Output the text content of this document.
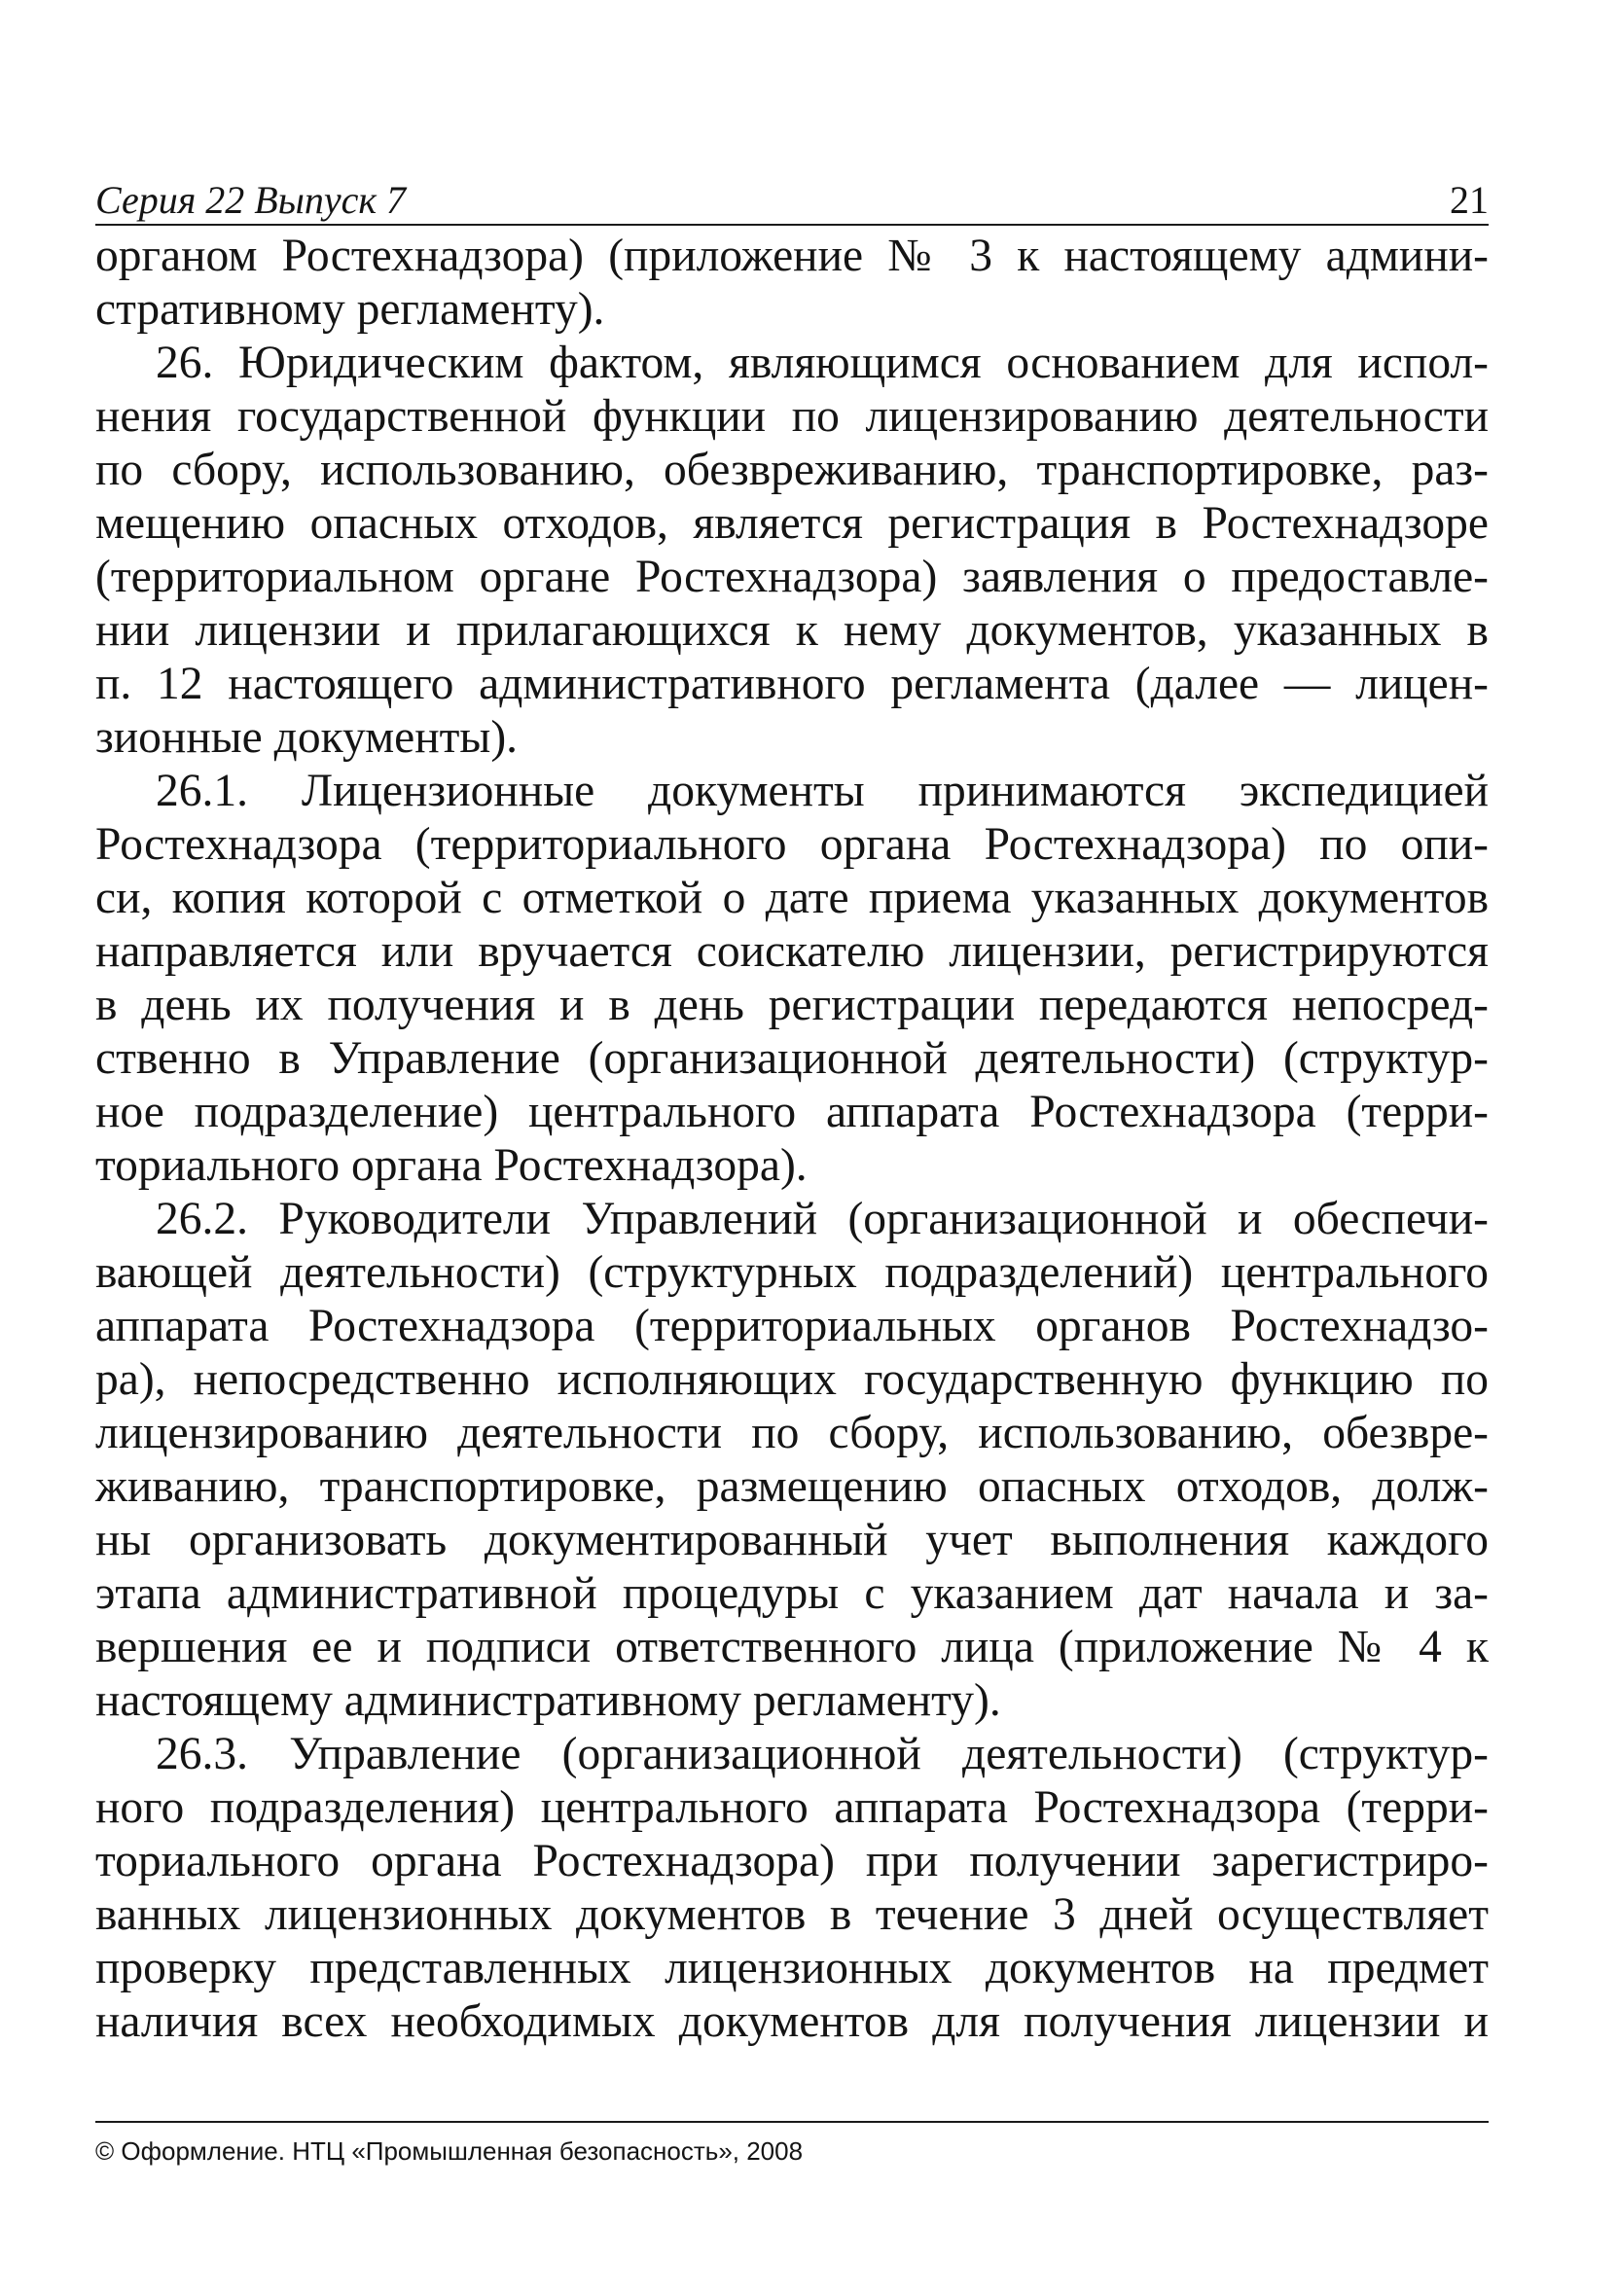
Серия 22 Выпуск 7	21
органом Ростехнадзора) (приложение № 3 к настоящему админи-
стративному регламенту).
26. Юридическим фактом, являющимся основанием для испол-
нения государственной функции по лицензированию деятельности
по сбору, использованию, обезвреживанию, транспортировке, раз-
мещению опасных отходов, является регистрация в Ростехнадзоре
(территориальном органе Ростехнадзора) заявления о предоставле-
нии лицензии и прилагающихся к нему документов, указанных в
п. 12 настоящего административного регламента (далее — лицен-
зионные документы).
26.1. Лицензионные документы принимаются экспедицией
Ростехнадзора (территориального органа Ростехнадзора) по опи-
си, копия которой с отметкой о дате приема указанных документов
направляется или вручается соискателю лицензии, регистрируются
в день их получения и в день регистрации передаются непосред-
ственно в Управление (организационной деятельности) (структур-
ное подразделение) центрального аппарата Ростехнадзора (терри-
ториального органа Ростехнадзора).
26.2. Руководители Управлений (организационной и обеспечи-
вающей деятельности) (структурных подразделений) центрального
аппарата Ростехнадзора (территориальных органов Ростехнадзо-
ра), непосредственно исполняющих государственную функцию по
лицензированию деятельности по сбору, использованию, обезвре-
живанию, транспортировке, размещению опасных отходов, долж-
ны организовать документированный учет выполнения каждого
этапа административной процедуры с указанием дат начала и за-
вершения ее и подписи ответственного лица (приложение № 4 к
настоящему административному регламенту).
26.3. Управление (организационной деятельности) (структур-
ного подразделения) центрального аппарата Ростехнадзора (терри-
ториального органа Ростехнадзора) при получении зарегистриро-
ванных лицензионных документов в течение 3 дней осуществляет
проверку представленных лицензионных документов на предмет
наличия всех необходимых документов для получения лицензии и
© Оформление. НТЦ «Промышленная безопасность», 2008
